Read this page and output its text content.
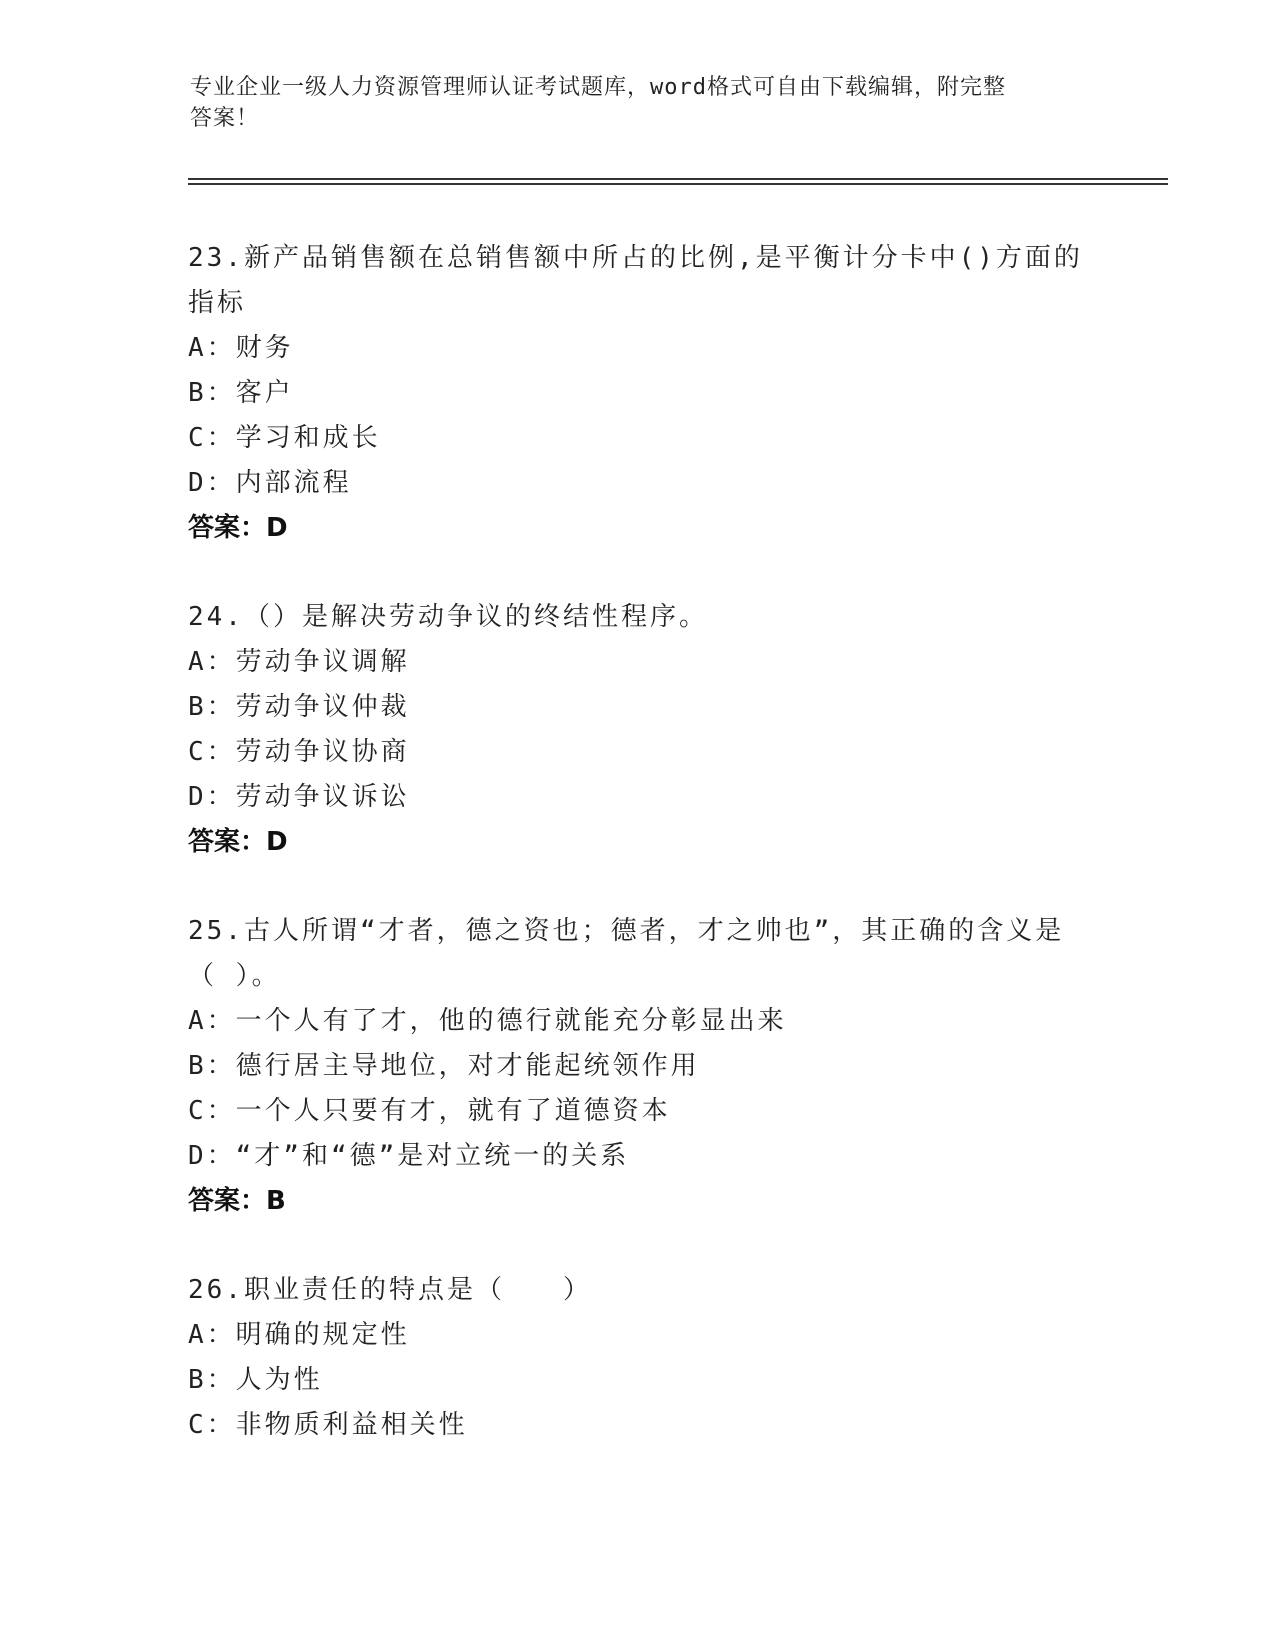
专业企业一级人力资源管理师认证考试题库，word格式可自由下载编辑，附完整
答案！
23.新产品销售额在总销售额中所占的比例,是平衡计分卡中()方面的
指标
A：财务
B：客户
C：学习和成长
D：内部流程
答案：D
24.（）是解决劳动争议的终结性程序。
A：劳动争议调解
B：劳动争议仲裁
C：劳动争议协商
D：劳动争议诉讼
答案：D
25.古人所谓“才者，德之资也；德者，才之帅也”，其正确的含义是
（ ）。
A：一个人有了才，他的德行就能充分彰显出来
B：德行居主导地位，对才能起统领作用
C：一个人只要有才，就有了道德资本
D：“才”和“德”是对立统一的关系
答案：B
26.职业责任的特点是（　　）
A：明确的规定性
B：人为性
C：非物质利益相关性
